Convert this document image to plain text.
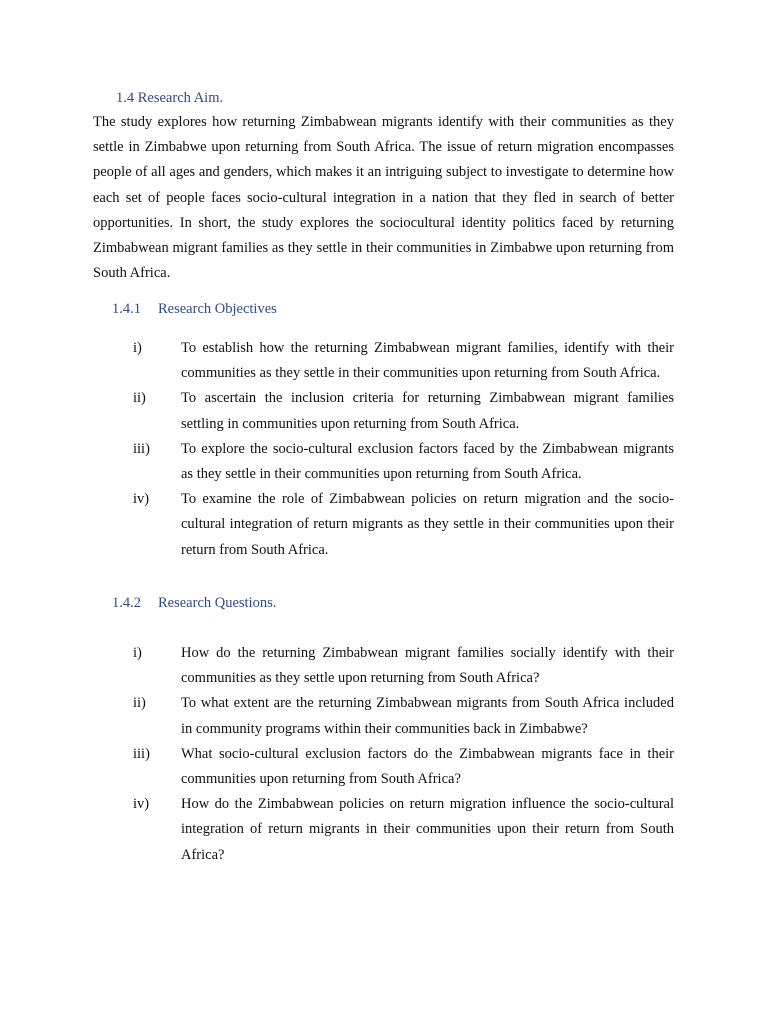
1.4 Research Aim.

The study explores how returning Zimbabwean migrants identify with their communities as they settle in Zimbabwe upon returning from South Africa. The issue of return migration encompasses people of all ages and genders, which makes it an intriguing subject to investigate to determine how each set of people faces socio-cultural integration in a nation that they fled in search of better opportunities. In short, the study explores the sociocultural identity politics faced by returning Zimbabwean migrant families as they settle in their communities in Zimbabwe upon returning from South Africa.

1.4.1 Research Objectives
i)	To establish how the returning Zimbabwean migrant families, identify with their communities as they settle in their communities upon returning from South Africa.
ii)	To ascertain the inclusion criteria for returning Zimbabwean migrant families settling in communities upon returning from South Africa.
iii)	To explore the socio-cultural exclusion factors faced by the Zimbabwean migrants as they settle in their communities upon returning from South Africa.
iv)	To examine the role of Zimbabwean policies on return migration and the socio-cultural integration of return migrants as they settle in their communities upon their return from South Africa.
1.4.2 Research Questions.
i)	How do the returning Zimbabwean migrant families socially identify with their communities as they settle upon returning from South Africa?
ii)	To what extent are the returning Zimbabwean migrants from South Africa included in community programs within their communities back in Zimbabwe?
iii)	What socio-cultural exclusion factors do the Zimbabwean migrants face in their communities upon returning from South Africa?
iv)	How do the Zimbabwean policies on return migration influence the socio-cultural integration of return migrants in their communities upon their return from South Africa?
